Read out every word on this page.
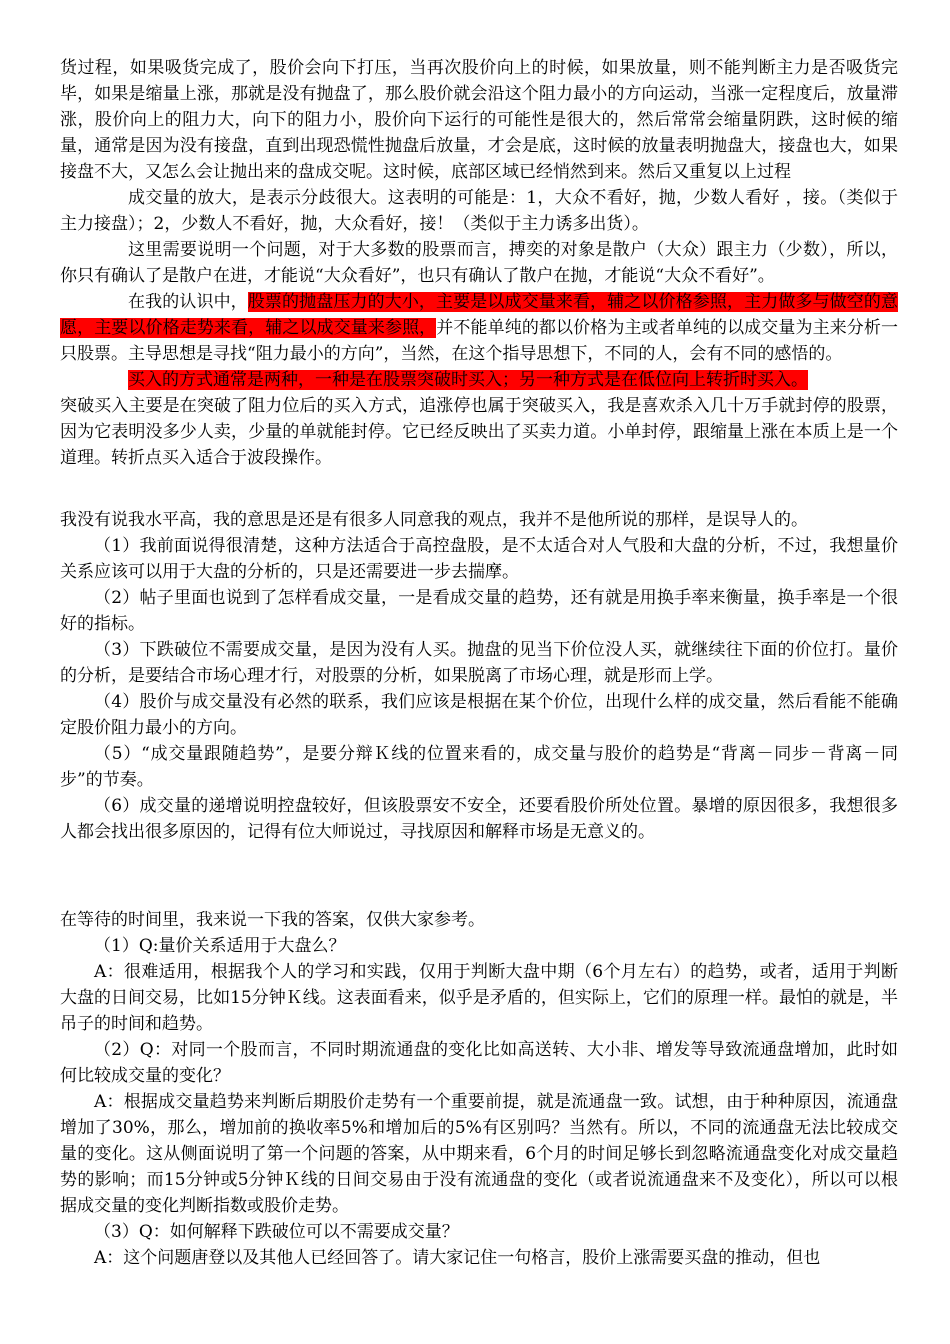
货过程，如果吸货完成了，股价会向下打压，当再次股价向上的时候，如果放量，则不能判断主力是否吸货完毕，如果是缩量上涨，那就是没有抛盘了，那么股价就会沿这个阻力最小的方向运动，当涨一定程度后，放量滞涨，股价向上的阻力大，向下的阻力小，股价向下运行的可能性是很大的，然后常常会缩量阴跌，这时候的缩量，通常是因为没有接盘，直到出现恐慌性抛盘后放量，才会是底，这时候的放量表明抛盘大，接盘也大，如果接盘不大，又怎么会让抛出来的盘成交呢。这时候，底部区域已经悄然到来。然后又重复以上过程

成交量的放大，是表示分歧很大。这表明的可能是：1，大众不看好，抛，少数人看好 ，接。（类似于主力接盘）；2，少数人不看好，抛，大众看好，接！（类似于主力诱多出货）。

这里需要说明一个问题，对于大多数的股票而言，搏奕的对象是散户（大众）跟主力（少数），所以，你只有确认了是散户在进，才能说“大众看好”，也只有确认了散户在抛，才能说“大众不看好”。

在我的认识中，股票的抛盘压力的大小，主要是以成交量来看，辅之以价格参照，主力做多与做空的意愿，主要以价格走势来看，辅之以成交量来参照，并不能单纯的都以价格为主或者单纯的以成交量为主来分析一只股票。主导思想是寻找“阻力最小的方向”，当然，在这个指导思想下，不同的人，会有不同的感悟的。

买入的方式通常是两种，一种是在股票突破时买入；另一种方式是在低位向上转折时买入。

突破买入主要是在突破了阻力位后的买入方式，追涨停也属于突破买入，我是喜欢杀入几十万手就封停的股票，因为它表明没多少人卖，少量的单就能封停。它已经反映出了买卖力道。小单封停，跟缩量上涨在本质上是一个道理。转折点买入适合于波段操作。

我没有说我水平高，我的意思是还是有很多人同意我的观点，我并不是他所说的那样，是误导人的。

（1）我前面说得很清楚，这种方法适合于高控盘股，是不太适合对人气股和大盘的分析，不过，我想量价关系应该可以用于大盘的分析的，只是还需要进一步去揣摩。

（2）帖子里面也说到了怎样看成交量，一是看成交量的趋势，还有就是用换手率来衡量，换手率是一个很好的指标。

（3）下跌破位不需要成交量，是因为没有人买。抛盘的见当下价位没人买，就继续往下面的价位打。量价的分析，是要结合市场心理才行，对股票的分析，如果脱离了市场心理，就是形而上学。

（4）股价与成交量没有必然的联系，我们应该是根据在某个价位，出现什么样的成交量，然后看能不能确定股价阻力最小的方向。

（5）“成交量跟随趋势”，是要分辩Ｋ线的位置来看的，成交量与股价的趋势是“背离－同步－背离－同步”的节奏。

（6）成交量的递增说明控盘较好，但该股票安不安全，还要看股价所处位置。暴增的原因很多，我想很多人都会找出很多原因的，记得有位大师说过，寻找原因和解释市场是无意义的。

在等待的时间里，我来说一下我的答案，仅供大家参考。

（1）Q:量价关系适用于大盘么？

A：很难适用，根据我个人的学习和实践，仅用于判断大盘中期（6个月左右）的趋势，或者，适用于判断大盘的日间交易，比如15分钟Ｋ线。这表面看来，似乎是矛盾的，但实际上，它们的原理一样。最怕的就是，半吊子的时间和趋势。

（2）Q：对同一个股而言，不同时期流通盘的变化比如高送转、大小非、增发等导致流通盘增加，此时如何比较成交量的变化？

A：根据成交量趋势来判断后期股价走势有一个重要前提，就是流通盘一致。试想，由于种种原因，流通盘增加了30%，那么，增加前的换收率5%和增加后的5%有区别吗？当然有。所以，不同的流通盘无法比较成交量的变化。这从侧面说明了第一个问题的答案，从中期来看，6个月的时间足够长到忽略流通盘变化对成交量趋势的影响；而15分钟或5分钟Ｋ线的日间交易由于没有流通盘的变化（或者说流通盘来不及变化），所以可以根据成交量的变化判断指数或股价走势。

（3）Q：如何解释下跌破位可以不需要成交量？

A：这个问题唐登以及其他人已经回答了。请大家记住一句格言，股价上涨需要买盘的推动，但也
